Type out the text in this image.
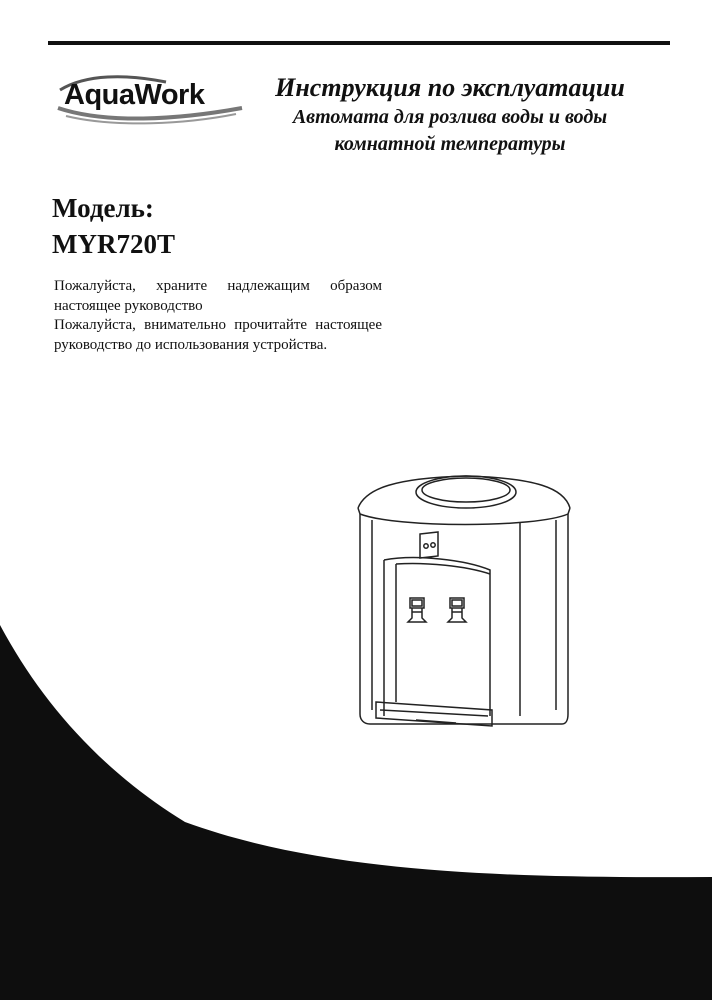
AquaWork	Инструкция по эксплуатации
Автомата для розлива воды и воды
комнатной температуры
Модель:
MYR720T

Пожалуйста, храните надлежащим образом настоящее руководство

Пожалуйста, внимательно прочитайте настоящее руководство до использования устройства.
